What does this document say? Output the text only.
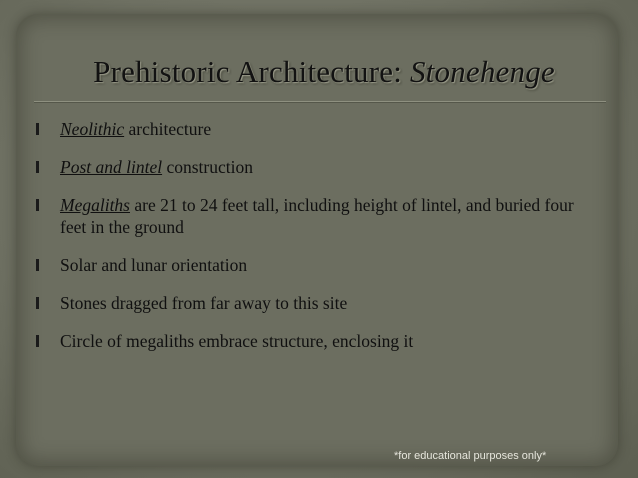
Prehistoric Architecture: Stonehenge
Neolithic architecture
Post and lintel construction
Megaliths are 21 to 24 feet tall, including height of lintel, and buried four feet in the ground
Solar and lunar orientation
Stones dragged from far away to this site
Circle of megaliths embrace structure, enclosing it
*for educational purposes only*
